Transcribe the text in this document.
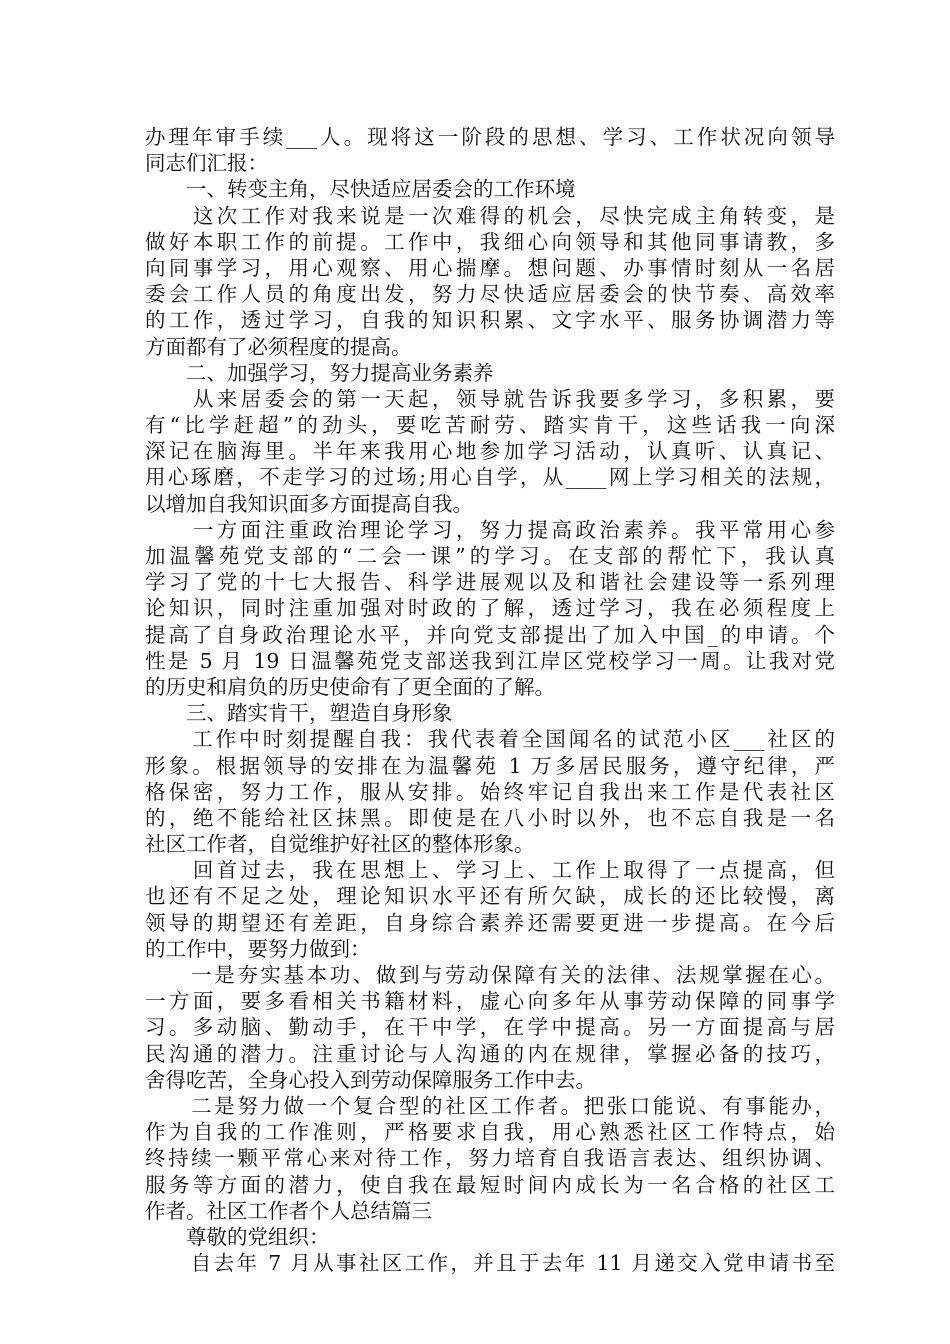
办理年审手续___人。现将这一阶段的思想、学习、工作状况向领导
同志们汇报：
　　一、转变主角，尽快适应居委会的工作环境
　　这次工作对我来说是一次难得的机会，尽快完成主角转变，是
做好本职工作的前提。工作中，我细心向领导和其他同事请教，多
向同事学习，用心观察、用心揣摩。想问题、办事情时刻从一名居
委会工作人员的角度出发，努力尽快适应居委会的快节奏、高效率
的工作，透过学习，自我的知识积累、文字水平、服务协调潜力等
方面都有了必须程度的提高。
　　二、加强学习，努力提高业务素养
　　从来居委会的第一天起，领导就告诉我要多学习，多积累，要
有“比学赶超”的劲头，要吃苦耐劳、踏实肯干，这些话我一向深
深记在脑海里。半年来我用心地参加学习活动，认真听、认真记、
用心琢磨，不走学习的过场;用心自学，从____网上学习相关的法规，
以增加自我知识面多方面提高自我。
　　一方面注重政治理论学习，努力提高政治素养。我平常用心参
加温馨苑党支部的“二会一课”的学习。在支部的帮忙下，我认真
学习了党的十七大报告、科学进展观以及和谐社会建设等一系列理
论知识，同时注重加强对时政的了解，透过学习，我在必须程度上
提高了自身政治理论水平，并向党支部提出了加入中国_的申请。个
性是 5 月 19 日温馨苑党支部送我到江岸区党校学习一周。让我对党
的历史和肩负的历史使命有了更全面的了解。
　　三、踏实肯干，塑造自身形象
　　工作中时刻提醒自我：我代表着全国闻名的试范小区___社区的
形象。根据领导的安排在为温馨苑 1 万多居民服务，遵守纪律，严
格保密，努力工作，服从安排。始终牢记自我出来工作是代表社区
的，绝不能给社区抹黑。即使是在八小时以外，也不忘自我是一名
社区工作者，自觉维护好社区的整体形象。
　　回首过去，我在思想上、学习上、工作上取得了一点提高，但
也还有不足之处，理论知识水平还有所欠缺，成长的还比较慢，离
领导的期望还有差距，自身综合素养还需要更进一步提高。在今后
的工作中，要努力做到：
　　一是夯实基本功、做到与劳动保障有关的法律、法规掌握在心。
一方面，要多看相关书籍材料，虚心向多年从事劳动保障的同事学
习。多动脑、勤动手，在干中学，在学中提高。另一方面提高与居
民沟通的潜力。注重讨论与人沟通的内在规律，掌握必备的技巧，
舍得吃苦，全身心投入到劳动保障服务工作中去。
　　二是努力做一个复合型的社区工作者。把张口能说、有事能办，
作为自我的工作准则，严格要求自我，用心熟悉社区工作特点，始
终持续一颗平常心来对待工作，努力培育自我语言表达、组织协调、
服务等方面的潜力，使自我在最短时间内成长为一名合格的社区工
作者。社区工作者个人总结篇三
　　尊敬的党组织：
　　自去年 7 月从事社区工作，并且于去年 11 月递交入党申请书至
